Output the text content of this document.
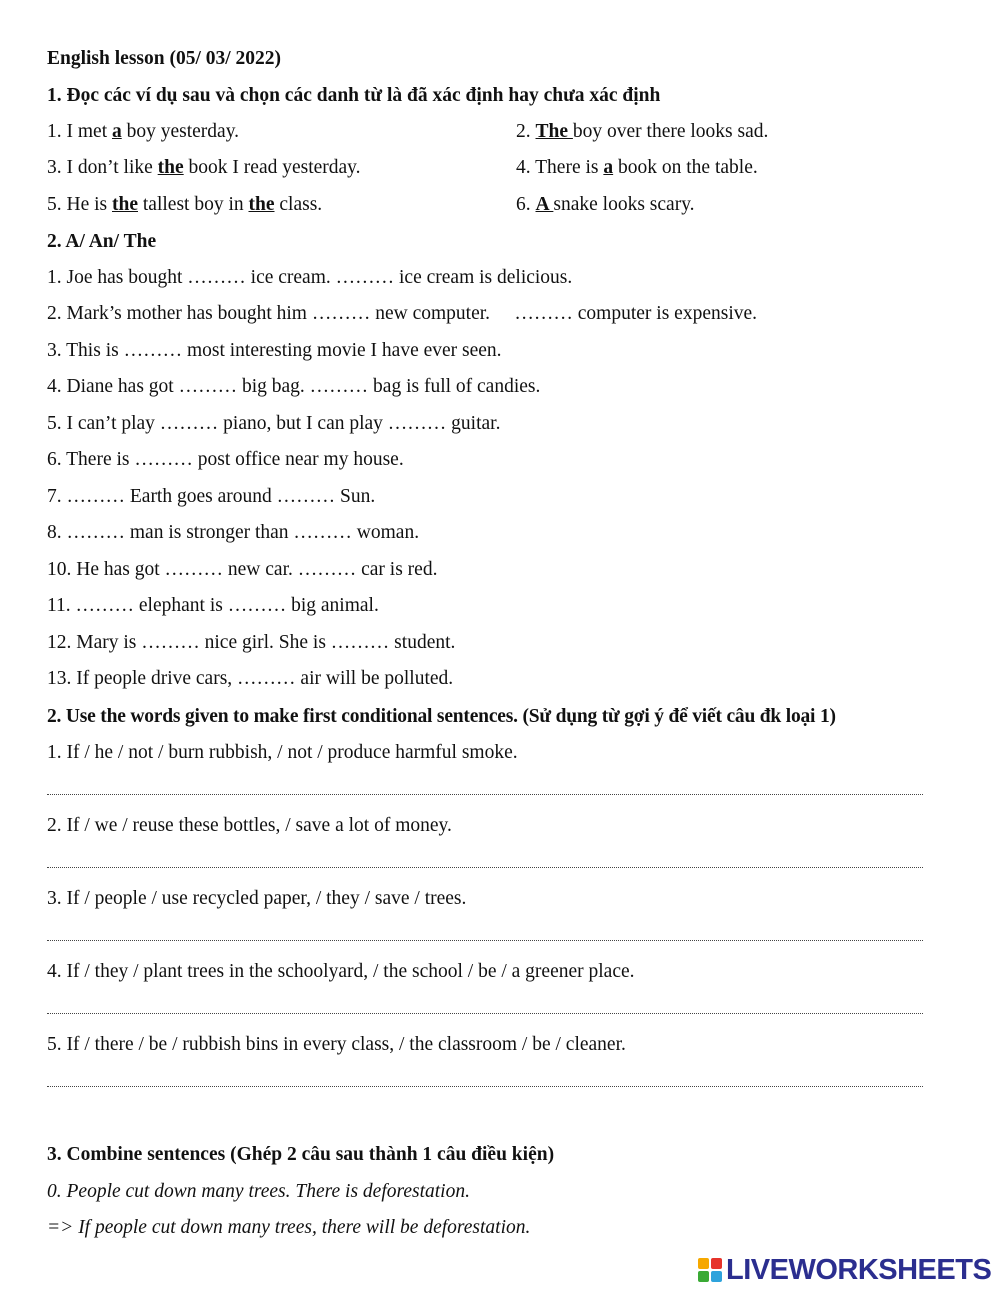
English lesson (05/ 03/ 2022)
1. Đọc các ví dụ sau và chọn các danh từ là đã xác định hay chưa xác định
1. I met a boy yesterday.	2. The boy over there looks sad.
3. I don’t like the book I read yesterday.	4. There is a book on the table.
5. He is the tallest boy in the class.	6. A snake looks scary.
2. A/ An/ The
1. Joe has bought ……… ice cream. ……… ice cream is delicious.
2. Mark’s mother has bought him ……… new computer.     ……… computer is expensive.
3. This is ……… most interesting movie I have ever seen.
4. Diane has got ……… big bag. ……… bag is full of candies.
5. I can’t play ……… piano, but I can play ……… guitar.
6. There is ……… post office near my house.
7. ……… Earth goes around ……… Sun.
8. ……… man is stronger than ……… woman.
10. He has got ……… new car. ……… car is red.
11. ……… elephant is ……… big animal.
12. Mary is ……… nice girl. She is ……… student.
13. If people drive cars, ……… air will be polluted.
2. Use the words given to make first conditional sentences. (Sử dụng từ gợi ý để viết câu đk loại 1)
1. If / he / not / burn rubbish, / not / produce harmful smoke.
2. If / we / reuse these bottles, / save a lot of money.
3. If / people / use recycled paper, / they / save / trees.
4. If / they / plant trees in the schoolyard, / the school / be / a greener place.
5. If / there / be / rubbish bins in every class, / the classroom / be / cleaner.
3. Combine sentences (Ghép 2 câu sau thành 1 câu điều kiện)
0. People cut down many trees. There is deforestation.
=> If people cut down many trees, there will be deforestation.
LIVEWORKSHEETS
